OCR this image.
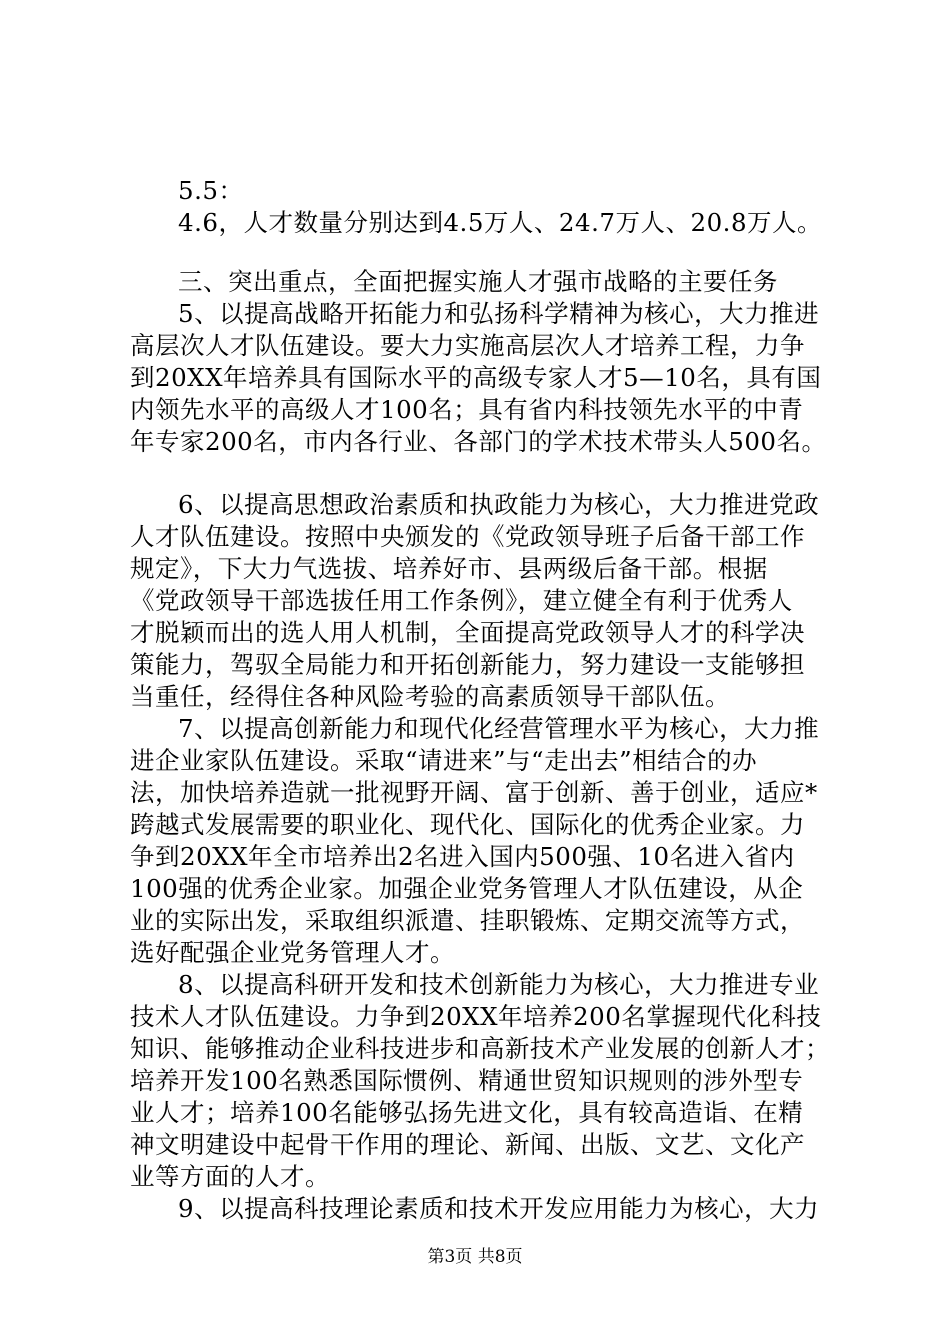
5.5：
4.6，人才数量分别达到4.5万人、24.7万人、20.8万人。
三、突出重点，全面把握实施人才强市战略的主要任务
5、以提高战略开拓能力和弘扬科学精神为核心，大力推进
高层次人才队伍建设。要大力实施高层次人才培养工程，力争
到20XX年培养具有国际水平的高级专家人才5—10名，具有国
内领先水平的高级人才100名；具有省内科技领先水平的中青
年专家200名，市内各行业、各部门的学术技术带头人500名。
6、以提高思想政治素质和执政能力为核心，大力推进党政
人才队伍建设。按照中央颁发的《党政领导班子后备干部工作
规定》，下大力气选拔、培养好市、县两级后备干部。根据
《党政领导干部选拔任用工作条例》，建立健全有利于优秀人
才脱颖而出的选人用人机制，全面提高党政领导人才的科学决
策能力，驾驭全局能力和开拓创新能力，努力建设一支能够担
当重任，经得住各种风险考验的高素质领导干部队伍。
7、以提高创新能力和现代化经营管理水平为核心，大力推
进企业家队伍建设。采取“请进来”与“走出去”相结合的办
法，加快培养造就一批视野开阔、富于创新、善于创业，适应*
跨越式发展需要的职业化、现代化、国际化的优秀企业家。力
争到20XX年全市培养出2名进入国内500强、10名进入省内
100强的优秀企业家。加强企业党务管理人才队伍建设，从企
业的实际出发，采取组织派遣、挂职锻炼、定期交流等方式，
选好配强企业党务管理人才。
8、以提高科研开发和技术创新能力为核心，大力推进专业
技术人才队伍建设。力争到20XX年培养200名掌握现代化科技
知识、能够推动企业科技进步和高新技术产业发展的创新人才；
培养开发100名熟悉国际惯例、精通世贸知识规则的涉外型专
业人才；培养100名能够弘扬先进文化，具有较高造诣、在精
神文明建设中起骨干作用的理论、新闻、出版、文艺、文化产
业等方面的人才。
9、以提高科技理论素质和技术开发应用能力为核心，大力
第3页 共8页
